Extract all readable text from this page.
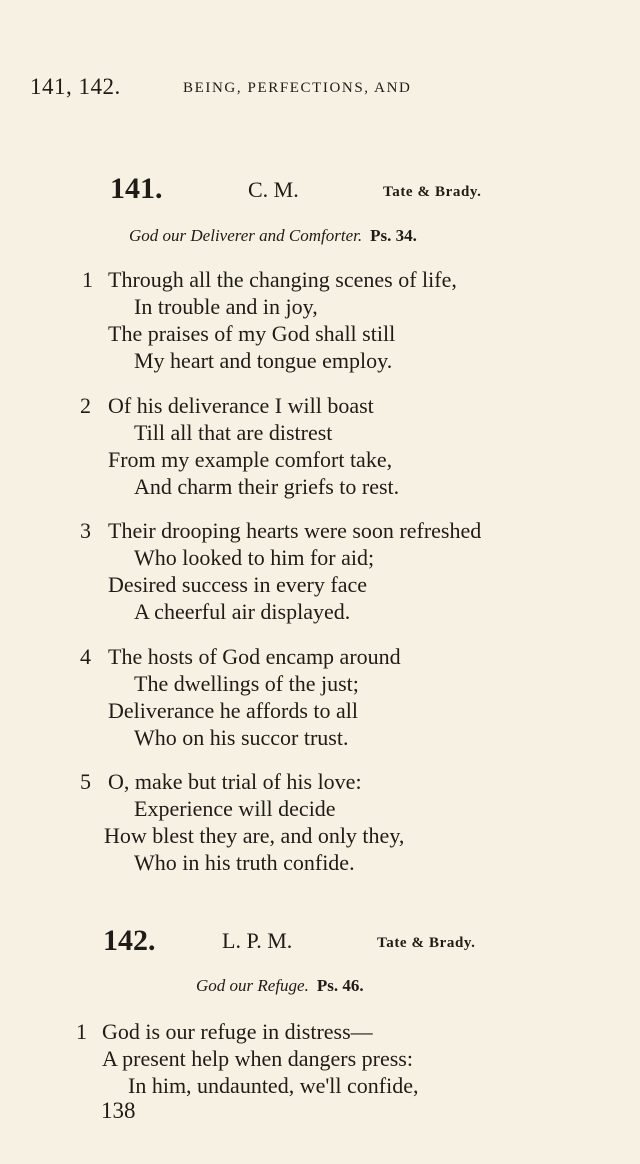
141, 142.	BEING, PERFECTIONS, AND
141.	C. M.	Tate & Brady.
God our Deliverer and Comforter. Ps. 34.
1 Through all the changing scenes of life,
In trouble and in joy,
The praises of my God shall still
My heart and tongue employ.
2 Of his deliverance I will boast
Till all that are distrest
From my example comfort take,
And charm their griefs to rest.
3 Their drooping hearts were soon refreshed
Who looked to him for aid;
Desired success in every face
A cheerful air displayed.
4 The hosts of God encamp around
The dwellings of the just;
Deliverance he affords to all
Who on his succor trust.
5 O, make but trial of his love:
Experience will decide
How blest they are, and only they,
Who in his truth confide.
142.	L. P. M.	Tate & Brady.
God our Refuge. Ps. 46.
1 God is our refuge in distress—
A present help when dangers press:
In him, undaunted, we'll confide,
138
